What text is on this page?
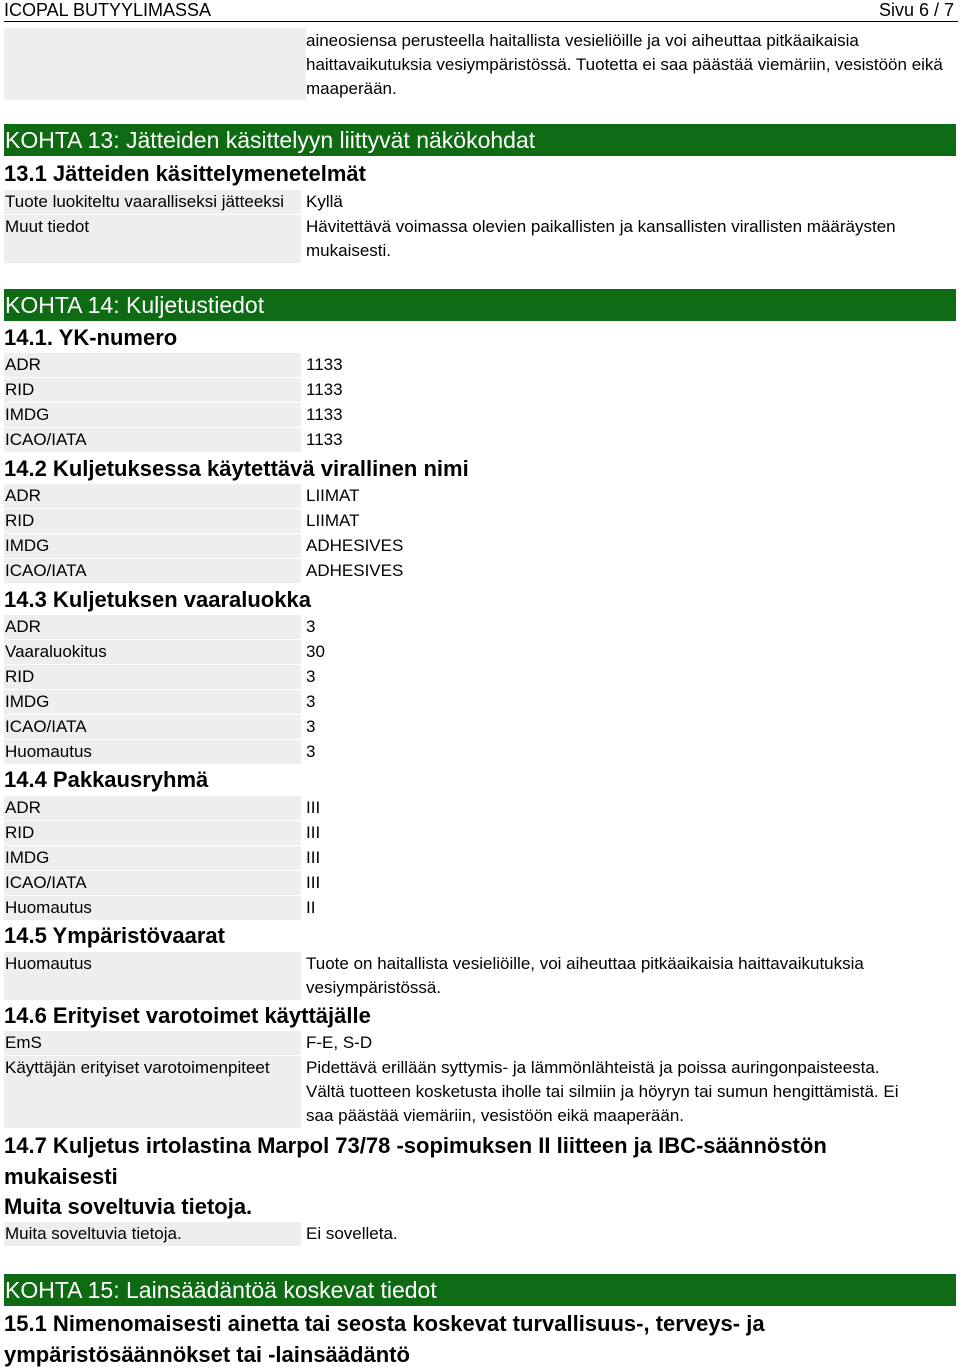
ICOPAL BUTYYLIMASSA	Sivu 6 / 7
aineosiensa perusteella haitallista vesieliöille ja voi aiheuttaa pitkäaikaisia haittavaikutuksia vesiympäristössä. Tuotetta ei saa päästää viemäriin, vesistöön eikä maaperään.
KOHTA 13: Jätteiden käsittelyyn liittyvät näkökohdat
13.1 Jätteiden käsittelymenetelmät
Tuote luokiteltu vaaralliseksi jätteeksi	Kyllä
Muut tiedot	Hävitettävä voimassa olevien paikallisten ja kansallisten virallisten määräysten mukaisesti.
KOHTA 14: Kuljetustiedot
14.1. YK-numero
ADR	1133
RID	1133
IMDG	1133
ICAO/IATA	1133
14.2 Kuljetuksessa käytettävä virallinen nimi
ADR	LIIMAT
RID	LIIMAT
IMDG	ADHESIVES
ICAO/IATA	ADHESIVES
14.3 Kuljetuksen vaaraluokka
ADR	3
Vaaraluokitus	30
RID	3
IMDG	3
ICAO/IATA	3
Huomautus	3
14.4 Pakkausryhmä
ADR	III
RID	III
IMDG	III
ICAO/IATA	III
Huomautus	II
14.5 Ympäristövaarat
Huomautus	Tuote on haitallista vesieliöille, voi aiheuttaa pitkäaikaisia haittavaikutuksia vesiympäristössä.
14.6 Erityiset varotoimet käyttäjälle
EmS	F-E, S-D
Käyttäjän erityiset varotoimenpiteet	Pidettävä erillään syttymis- ja lämmönlähteistä ja poissa auringonpaisteesta. Vältä tuotteen kosketusta iholle tai silmiin ja höyryn tai sumun hengittämistä. Ei saa päästää viemäriin, vesistöön eikä maaperään.
14.7 Kuljetus irtolastina Marpol 73/78 -sopimuksen II liitteen ja IBC-säännöstön mukaisesti
Muita soveltuvia tietoja.
Muita soveltuvia tietoja.	Ei sovelleta.
KOHTA 15: Lainsäädäntöä koskevat tiedot
15.1 Nimenomaisesti ainetta tai seosta koskevat turvallisuus-, terveys- ja ympäristösäännökset tai -lainsäädäntö
